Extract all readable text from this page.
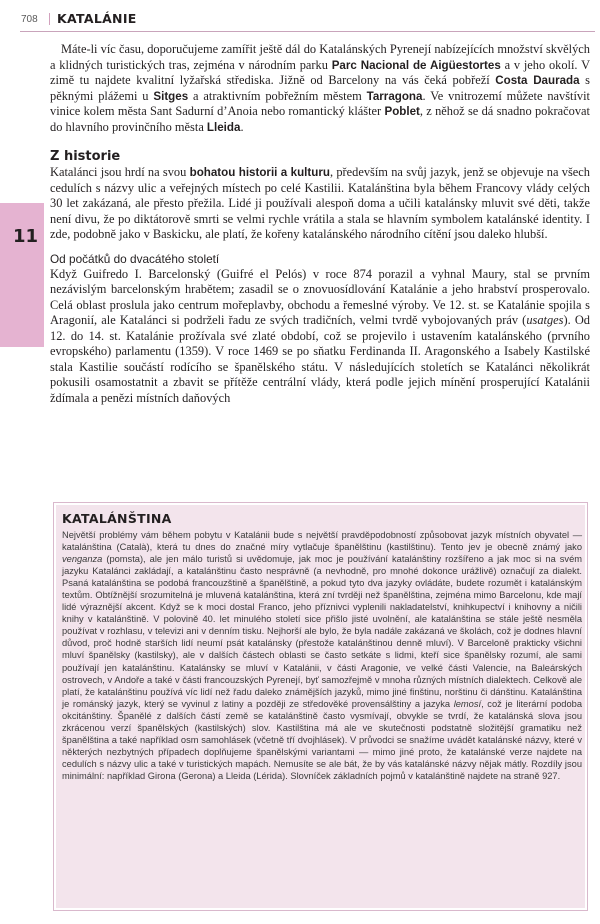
708 KATALÁNIE
11

Máte-li víc času, doporučujeme zamířit ještě dál do Katalánských Pyrenejí nabízejících množství skvělých a klidných turistických tras, zejména v národním parku Parc Nacional de Aigüestortes a v jeho okolí. V zimě tu najdete kvalitní lyžařská střediska. Jižně od Barcelony na vás čeká pobřeží Costa Daurada s pěknými plážemi u Sitges a atraktivním pobřežním městem Tarragona. Ve vnitrozemí můžete navštívit vinice kolem města Sant Sadurní d’Anoia nebo romantický klášter Poblet, z něhož se dá snadno pokračovat do hlavního provinčního města Lleida.

Z historie

Katalánci jsou hrdí na svou bohatou historii a kulturu, především na svůj jazyk, jenž se objevuje na všech cedulích s názvy ulic a veřejných místech po celé Kastilii. Katalánština byla během Francovy vlády celých 30 let zakázaná, ale přesto přežila. Lidé ji používali alespoň doma a učili katalánsky mluvit své děti, takže není divu, že po diktátorově smrti se velmi rychle vrátila a stala se hlavním symbolem katalánské identity. I zde, podobně jako v Baskicku, ale platí, že kořeny katalánského národního cítění jsou daleko hlubší.

Od počátků do dvacátého století

Když Guifredo I. Barcelonský (Guifré el Pelós) v roce 874 porazil a vyhnal Maury, stal se prvním nezávislým barcelonským hrabětem; zasadil se o znovuosídlování Katalánie a jeho hrabství prosperovalo. Celá oblast proslula jako centrum mořeplavby, obchodu a řemeslné výroby. Ve 12. st. se Katalánie spojila s Aragonií, ale Katalánci si podrželi řadu ze svých tradičních, velmi tvrdě vybojovaných práv (usatges). Od 12. do 14. st. Katalánie prožívala své zlaté období, což se projevilo i ustavením katalánského (prvního evropského) parlamentu (1359). V roce 1469 se po sňatku Ferdinanda II. Aragonského a Isabely Kastilské stala Kastilie součástí rodícího se španělského státu. V následujících stoletích se Katalánci několikrát pokusili osamostatnit a zbavit se přítěže centrální vlády, která podle jejich mínění prosperující Katalánii ždímala a penězi místních daňových

KATALÁNŠTINA
Největší problémy vám během pobytu v Katalánii bude s největší pravděpodobností způsobovat jazyk místních obyvatel — katalánština (Català), která tu dnes do značné míry vytlačuje španělštinu (kastilštinu). Tento jev je obecně známý jako venganza (pomsta), ale jen málo turistů si uvědomuje, jak moc je používání katalánštiny rozšířeno a jak moc si na svém jazyku Katalánci zakládají, a katalánštinu často nesprávně (a nevhodně, pro mnohé dokonce urážlivě) označují za dialekt. Psaná katalánština se podobá francouzštině a španělštině, a pokud tyto dva jazyky ovládáte, budete rozumět i katalánským textům. Obtížnější srozumitelná je mluvená katalánština, která zní tvrději než španělština, zejména mimo Barcelonu, kde mají lidé výraznější akcent. Když se k moci dostal Franco, jeho příznivci vyplenili nakladatelství, knihkupectví i knihovny a ničili knihy v katalánštině. V polovině 40. let minulého století sice přišlo jisté uvolnění, ale katalánština se stále ještě nesměla používat v rozhlasu, v televizi ani v denním tisku. Nejhorší ale bylo, že byla nadále zakázaná ve školách, což je dodnes hlavní důvod, proč hodně starších lidí neumí psát katalánsky (přestože katalánštinou denně mluví). V Barceloně prakticky všichni mluví španělsky (kastilsky), ale v dalších částech oblasti se často setkáte s lidmi, kteří sice španělsky rozumí, ale sami používají jen katalánštinu. Katalánsky se mluví v Katalánii, v části Aragonie, ve velké části Valencie, na Baleárských ostrovech, v Andoře a také v části francouzských Pyrenejí, byť samozřejmě v mnoha různých místních dialektech. Celkově ale platí, že katalánštinu používá víc lidí než řadu daleko známějších jazyků, mimo jiné finštinu, norštinu či dánštinu. Katalánština je románský jazyk, který se vyvinul z latiny a později ze středověké provensálštiny a jazyka lemosí, což je literární podoba okcitánštiny. Španělé z dalších částí země se katalánštině často vysmívají, obvykle se tvrdí, že katalánská slova jsou zkrácenou verzí španělských (kastilských) slov. Kastilština má ale ve skutečnosti podstatně složitější gramatiku než španělština a také například osm samohlásek (včetně tří dvojhlásek). V průvodci se snažíme uvádět katalánské názvy, které v některých nezbytných případech doplňujeme španělskými variantami — mimo jiné proto, že katalánské verze najdete na cedulích s názvy ulic a také v turistických mapách. Nemusíte se ale bát, že by vás katalánské názvy nějak mátly. Rozdíly jsou minimální: například Girona (Gerona) a Lleida (Lérida). Slovníček základních pojmů v katalánštině najdete na straně 927.
